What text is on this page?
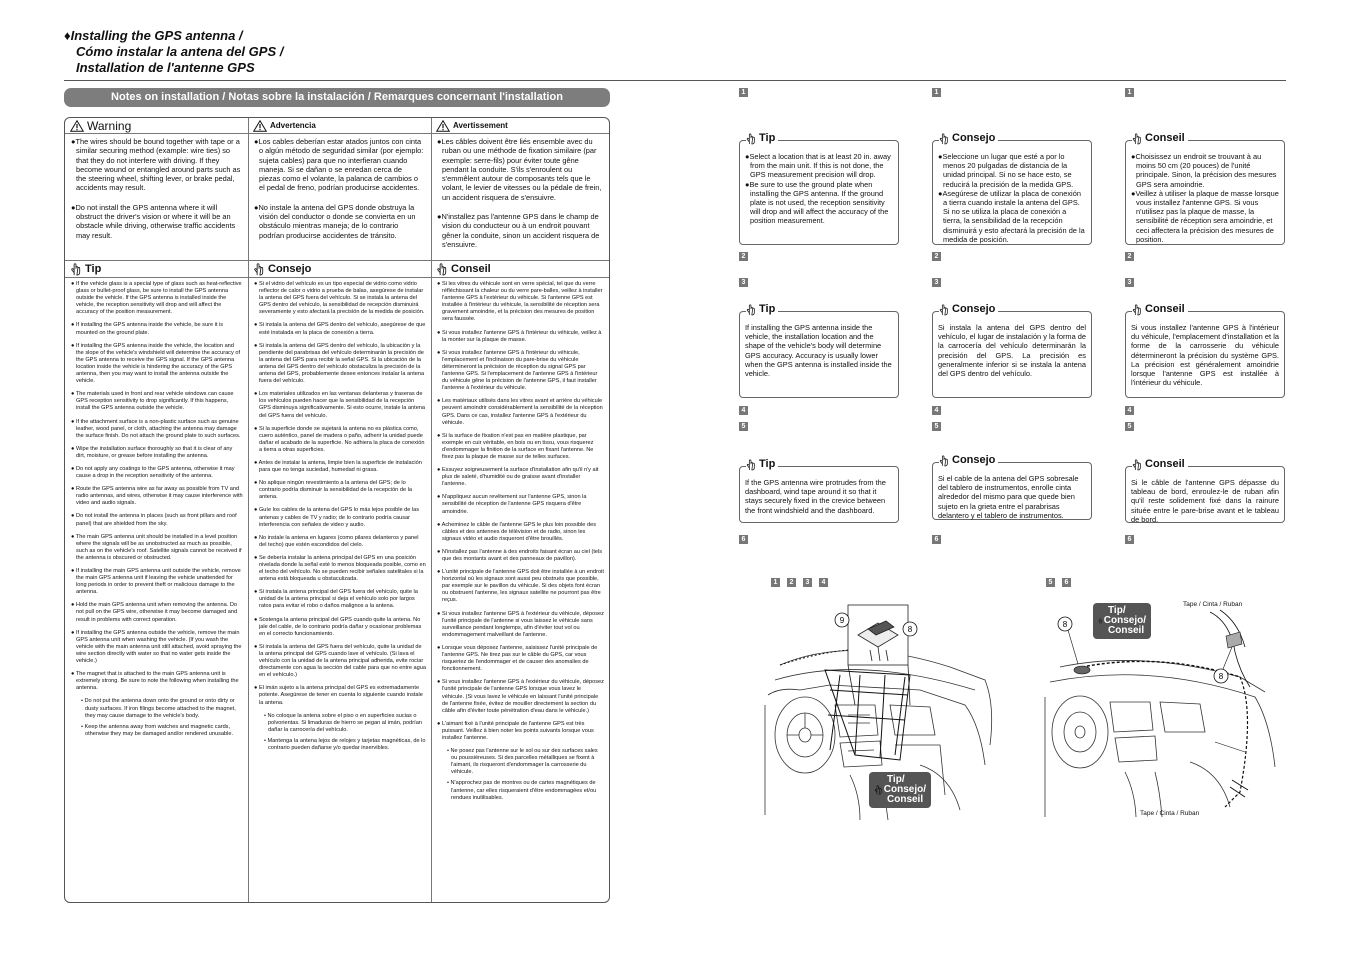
♦Installing the GPS antenna /
Cómo instalar la antena del GPS /
Installation de l'antenne GPS
Notes on installation / Notas sobre la instalación / Remarques concernant l'installation
Warning

●The wires should be bound together with tape or a similar securing method (example: wire ties) so that they do not interfere with driving. If they become wound or entangled around parts such as the steering wheel, shifting lever, or brake pedal, accidents may result.

●Do not install the GPS antenna where it will obstruct the driver's vision or where it will be an obstacle while driving, otherwise traffic accidents may result.

Tip

● If the vehicle glass is a special type of glass such as heat-reflective glass or bullet-proof glass, be sure to install the GPS antenna outside the vehicle. If the GPS antenna is installed inside the vehicle, the reception sensitivity will drop and will affect the accuracy of the position measurement.

● If installing the GPS antenna inside the vehicle, be sure it is mounted on the ground plate.

● If installing the GPS antenna inside the vehicle, the location and the slope of the vehicle's windshield will determine the accuracy of the GPS antenna to receive the GPS signal. If the GPS antenna location inside the vehicle is hindering the accuracy of the GPS antenna, then you may want to install the antenna outside the vehicle.

● The materials used in front and rear vehicle windows can cause GPS reception sensitivity to drop significantly. If this happens, install the GPS antenna outside the vehicle.

● If the attachment surface is a non-plastic surface such as genuine leather, wood panel, or cloth, attaching the antenna may damage the surface finish. Do not attach the ground plate to such surfaces.

● Wipe the installation surface thoroughly so that it is clear of any dirt, moisture, or grease before installing the antenna.

● Do not apply any coatings to the GPS antenna, otherwise it may cause a drop in the reception sensitivity of the antenna.

● Route the GPS antenna wire as far away as possible from TV and radio antennas, and wires, otherwise it may cause interference with video and audio signals.

● Do not install the antenna in places (such as front pillars and roof panel) that are shielded from the sky.

● The main GPS antenna unit should be installed in a level position where the signals will be as unobstructed as much as possible, such as on the vehicle's roof. Satellite signals cannot be received if the antenna is obscured or obstructed.

● If installing the main GPS antenna unit outside the vehicle, remove the main GPS antenna unit if leaving the vehicle unattended for long periods in order to prevent theft or malicious damage to the antenna.

● Hold the main GPS antenna unit when removing the antenna. Do not pull on the GPS wire, otherwise it may become damaged and result in problems with correct operation.

● If installing the GPS antenna outside the vehicle, remove the main GPS antenna unit when washing the vehicle. (If you wash the vehicle with the main antenna unit still attached, avoid spraying the wire section directly with water so that no water gets inside the vehicle.)

● The magnet that is attached to the main GPS antenna unit is extremely strong. Be sure to note the following when installing the antenna.

• Do not put the antenna down onto the ground or onto dirty or dusty surfaces. If iron filings become attached to the magnet, they may cause damage to the vehicle's body.

• Keep the antenna away from watches and magnetic cards, otherwise they may be damaged and/or rendered unusable.

Advertencia

●Los cables deberían estar atados juntos con cinta o algún método de seguridad similar (por ejemplo: sujeta cables) para que no interfieran cuando maneja. Si se dañan o se enredan cerca de piezas como el volante, la palanca de cambios o el pedal de freno, podrían producirse accidentes.

●No instale la antena del GPS donde obstruya la visión del conductor o donde se convierta en un obstáculo mientras maneja; de lo contrario podrían producirse accidentes de tránsito.

Consejo

● Si el vidrio del vehículo es un tipo especial de vidrio como vidrio reflector de calor o vidrio a prueba de balas, asegúrese de instalar la antena del GPS fuera del vehículo. Si se instala la antena del GPS dentro del vehículo, la sensibilidad de recepción disminuirá severamente y esto afectará la precisión de la medida de posición.

● Si instala la antena del GPS dentro del vehículo, asegúrese de que esté instalada en la placa de conexión a tierra.

● Si instala la antena del GPS dentro del vehículo, la ubicación y la pendiente del parabrisas del vehículo determinarán la precisión de la antena del GPS para recibir la señal GPS. Si la ubicación de la antena del GPS dentro del vehículo obstaculiza la precisión de la antena del GPS, probablemente desee entonces instalar la antena fuera del vehículo.

● Los materiales utilizados en las ventanas delanteras y traseras de los vehículos pueden hacer que la sensibilidad de la recepción GPS disminuya significativamente. Si esto ocurre, instale la antena del GPS fuera del vehículo.

● Si la superficie donde se sujetará la antena no es plástica como, cuero auténtico, panel de madera o paño, adherir la unidad puede dañar el acabado de la superficie. No adhiera la placa de conexión a tierra a otras superficies.

● Antes de instalar la antena, limpie bien la superficie de instalación para que no tenga suciedad, humedad ni grasa.

● No aplique ningún revestimiento a la antena del GPS; de lo contrario podría disminuir la sensibilidad de la recepción de la antena.

● Guíe los cables de la antena del GPS lo más lejos posible de las antenas y cables de TV y radio; de lo contrario podría causar interferencia con señales de video y audio.

● No instale la antena en lugares (como pilares delanteros y panel del techo) que estén escondidos del cielo.

● Se debería instalar la antena principal del GPS en una posición nivelada donde la señal esté lo menos bloqueada posible, como en el techo del vehículo. No se pueden recibir señales satelitales si la antena está bloqueada u obstaculizada.

● Si instala la antena principal del GPS fuera del vehículo, quite la unidad de la antena principal si deja el vehículo solo por largos ratos para evitar el robo o daños malignos a la antena.

● Sostenga la antena principal del GPS cuando quite la antena. No jale del cable, de lo contrario podría dañar y ocasionar problemas en el correcto funcionamiento.

● Si instala la antena del GPS fuera del vehículo, quite la unidad de la antena principal del GPS cuando lave el vehículo. (Si lava el vehículo con la unidad de la antena principal adherida, evite rociar directamente con agua la sección del cable para que no entre agua en el vehículo.)

● El imán sujeto a la antena principal del GPS es extremadamente potente. Asegúrese de tener en cuenta lo siguiente cuando instale la antena.

• No coloque la antena sobre el piso o en superficies sucias o polvorientas. Si limaduras de hierro se pegan al imán, podrían dañar la carrocería del vehículo.

• Mantenga la antena lejos de relojes y tarjetas magnéticas, de lo contrario pueden dañarse y/o quedar inservibles.

Avertissement

●Les câbles doivent être liés ensemble avec du ruban ou une méthode de fixation similaire (par exemple: serre-fils) pour éviter toute gêne pendant la conduite. S'ils s'enroulent ou s'emmêlent autour de composants tels que le volant, le levier de vitesses ou la pédale de frein, un accident risquera de s'ensuivre.

●N'installez pas l'antenne GPS dans le champ de vision du conducteur ou à un endroit pouvant gêner la conduite, sinon un accident risquera de s'ensuivre.

Conseil

● Si les vitres du véhicule sont en verre spécial, tel que du verre réfléchissant la chaleur ou du verre pare-balles, veillez à installer l'antenne GPS à l'extérieur du véhicule. Si l'antenne GPS est installée à l'intérieur du véhicule, la sensibilité de réception sera gravement amoindrie, et la précision des mesures de position sera faussée.

● Si vous installez l'antenne GPS à l'intérieur du véhicule, veillez à la monter sur la plaque de masse.

● Si vous installez l'antenne GPS à l'intérieur du véhicule, l'emplacement et l'inclinaison du pare-brise du véhicule détermineront la précision de réception du signal GPS par l'antenne GPS. Si l'emplacement de l'antenne GPS à l'intérieur du véhicule gêne la précision de l'antenne GPS, il faut installer l'antenne à l'extérieur du véhicule.

● Les matériaux utilisés dans les vitres avant et arrière du véhicule peuvent amoindrir considérablement la sensibilité de la réception GPS. Dans ce cas, installez l'antenne GPS à l'extérieur du véhicule.

● Si la surface de fixation n'est pas en matière plastique, par exemple en cuir véritable, en bois ou en tissu, vous risquerez d'endommager la finition de la surface en fixant l'antenne. Ne fixez pas la plaque de masse sur de telles surfaces.

● Essuyez soigneusement la surface d'installation afin qu'il n'y ait plus de saleté, d'humidité ou de graisse avant d'installer l'antenne.

● N'appliquez aucun revêtement sur l'antenne GPS, sinon la sensibilité de réception de l'antenne GPS risquera d'être amoindrie.

● Acheminez le câble de l'antenne GPS le plus loin possible des câbles et des antennes de télévision et de radio, sinon les signaux vidéo et audio risqueront d'être brouillés.

● N'installez pas l'antenne à des endroits faisant écran au ciel (tels que des montants avant et des panneaux de pavillon).

● L'unité principale de l'antenne GPS doit être installée à un endroit horizontal où les signaux sont aussi peu obstrués que possible, par exemple sur le pavillon du véhicule. Si des objets font écran ou obstruent l'antenne, les signaux satellite ne pourront pas être reçus.

● Si vous installez l'antenne GPS à l'extérieur du véhicule, déposez l'unité principale de l'antenne si vous laissez le véhicule sans surveillance pendant longtemps, afin d'éviter tout vol ou endommagement malveillant de l'antenne.

● Lorsque vous déposez l'antenne, saisissez l'unité principale de l'antenne GPS. Ne tirez pas sur le câble du GPS, car vous risqueriez de l'endommager et de causer des anomalies de fonctionnement.

● Si vous installez l'antenne GPS à l'extérieur du véhicule, déposez l'unité principale de l'antenne GPS lorsque vous lavez le véhicule. (Si vous lavez le véhicule en laissant l'unité principale de l'antenne fixée, évitez de mouiller directement la section du câble afin d'éviter toute pénétration d'eau dans le véhicule.)

● L'aimant fixé à l'unité principale de l'antenne GPS est très puissant. Veillez à bien noter les points suivants lorsque vous installez l'antenne.

• Ne posez pas l'antenne sur le sol ou sur des surfaces sales ou poussiéreuses. Si des parcelles métalliques se fixent à l'aimant, ils risqueront d'endommager la carrosserie du véhicule.

• N'approchez pas de montres ou de cartes magnétiques de l'antenne, car elles risqueraient d'être endommagées et/ou rendues inutilisables.

1	1	1
2	2	2
3	3	3
4	4	4
5	5	5
6	6	6
Tip

●Select a location that is at least 20 in. away from the main unit. If this is not done, the GPS measurement precision will drop.

●Be sure to use the ground plate when installing the GPS antenna. If the ground plate is not used, the reception sensitivity will drop and will affect the accuracy of the position measurement.

Consejo

●Seleccione un lugar que esté a por lo menos 20 pulgadas de distancia de la unidad principal. Si no se hace esto, se reducirá la precisión de la medida GPS.

●Asegúrese de utilizar la placa de conexión a tierra cuando instale la antena del GPS. Si no se utiliza la placa de conexión a tierra, la sensibilidad de la recepción disminuirá y esto afectará la precisión de la medida de posición.

Conseil

●Choisissez un endroit se trouvant à au moins 50 cm (20 pouces) de l'unité principale. Sinon, la précision des mesures GPS sera amoindrie.

●Veillez à utiliser la plaque de masse lorsque vous installez l'antenne GPS. Si vous n'utilisez pas la plaque de masse, la sensibilité de réception sera amoindrie, et ceci affectera la précision des mesures de position.

Tip
If installing the GPS antenna inside the vehicle, the installation location and the shape of the vehicle's body will determine GPS accuracy. Accuracy is usually lower when the GPS antenna is installed inside the vehicle.
Consejo
Si instala la antena del GPS dentro del vehículo, el lugar de instalación y la forma de la carrocería del vehículo determinarán la precisión del GPS. La precisión es generalmente inferior si se instala la antena del GPS dentro del vehículo.
Conseil
Si vous installez l'antenne GPS à l'intérieur du véhicule, l'emplacement d'installation et la forme de la carrosserie du véhicule détermineront la précision du système GPS. La précision est généralement amoindrie lorsque l'antenne GPS est installée à l'intérieur du véhicule.
Tip
If the GPS antenna wire protrudes from the dashboard, wind tape around it so that it stays securely fixed in the crevice between the front windshield and the dashboard.
Consejo
Si el cable de la antena del GPS sobresale del tablero de instrumentos, enrolle cinta alrededor del mismo para que quede bien sujeto en la grieta entre el parabrisas delantero y el tablero de instrumentos.
Conseil
Si le câble de l'antenne GPS dépasse du tableau de bord, enroulez-le de ruban afin qu'il reste solidement fixé dans la rainure située entre le pare-brise avant et le tableau de bord.
1	2	3	4	5	6
9
8
Tip/
Consejo/
Conseil
8
8
Tape / Cinta / Ruban
Tape / Cinta / Ruban
Tip/
Consejo/
Conseil
